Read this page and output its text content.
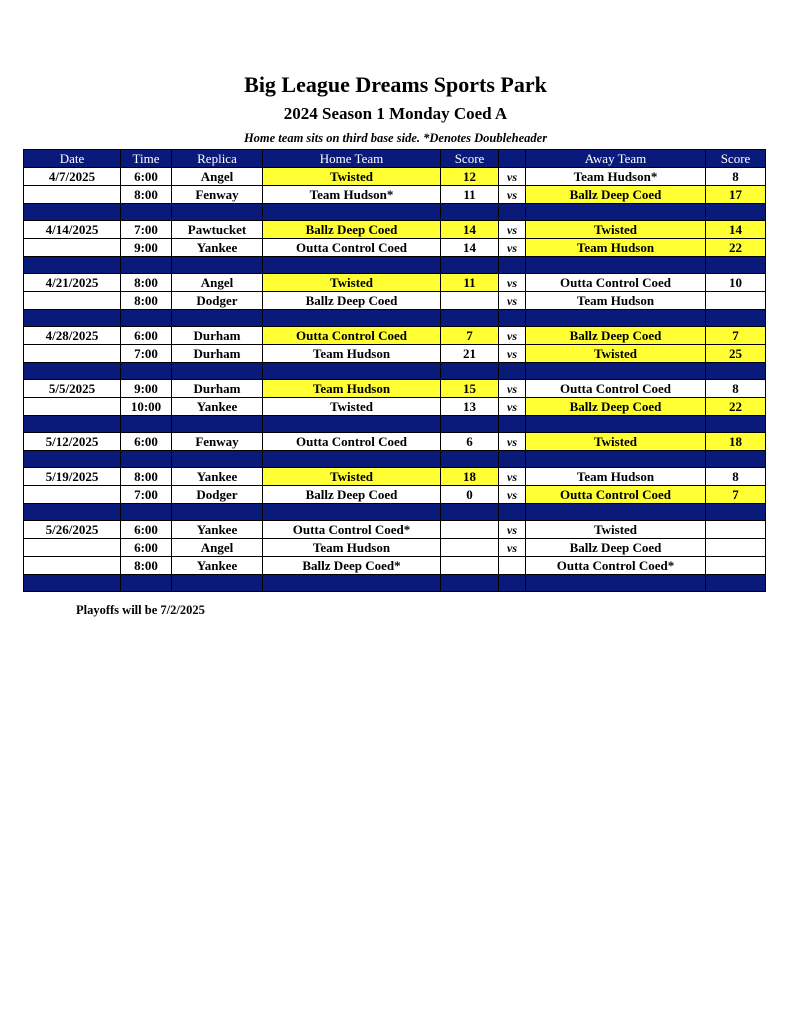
Big League Dreams Sports Park
2024 Season 1 Monday Coed A
Home team sits on third base side. *Denotes Doubleheader
Date	Time	Replica	Home Team	Score		Away Team	Score
4/7/2025	6:00	Angel	Twisted	12	vs	Team Hudson*	8
	8:00	Fenway	Team Hudson*	11	vs	Ballz Deep Coed	17

4/14/2025	7:00	Pawtucket	Ballz Deep Coed	14	vs	Twisted	14
	9:00	Yankee	Outta Control Coed	14	vs	Team Hudson	22

4/21/2025	8:00	Angel	Twisted	11	vs	Outta Control Coed	10
	8:00	Dodger	Ballz Deep Coed		vs	Team Hudson	

4/28/2025	6:00	Durham	Outta Control Coed	7	vs	Ballz Deep Coed	7
	7:00	Durham	Team Hudson	21	vs	Twisted	25

5/5/2025	9:00	Durham	Team Hudson	15	vs	Outta Control Coed	8
	10:00	Yankee	Twisted	13	vs	Ballz Deep Coed	22

5/12/2025	6:00	Fenway	Outta Control Coed	6	vs	Twisted	18

5/19/2025	8:00	Yankee	Twisted	18	vs	Team Hudson	8
	7:00	Dodger	Ballz Deep Coed	0	vs	Outta Control Coed	7

5/26/2025	6:00	Yankee	Outta Control Coed*		vs	Twisted	
	6:00	Angel	Team Hudson		vs	Ballz Deep Coed	
	8:00	Yankee	Ballz Deep Coed*			Outta Control Coed*	

Playoffs will be 7/2/2025
